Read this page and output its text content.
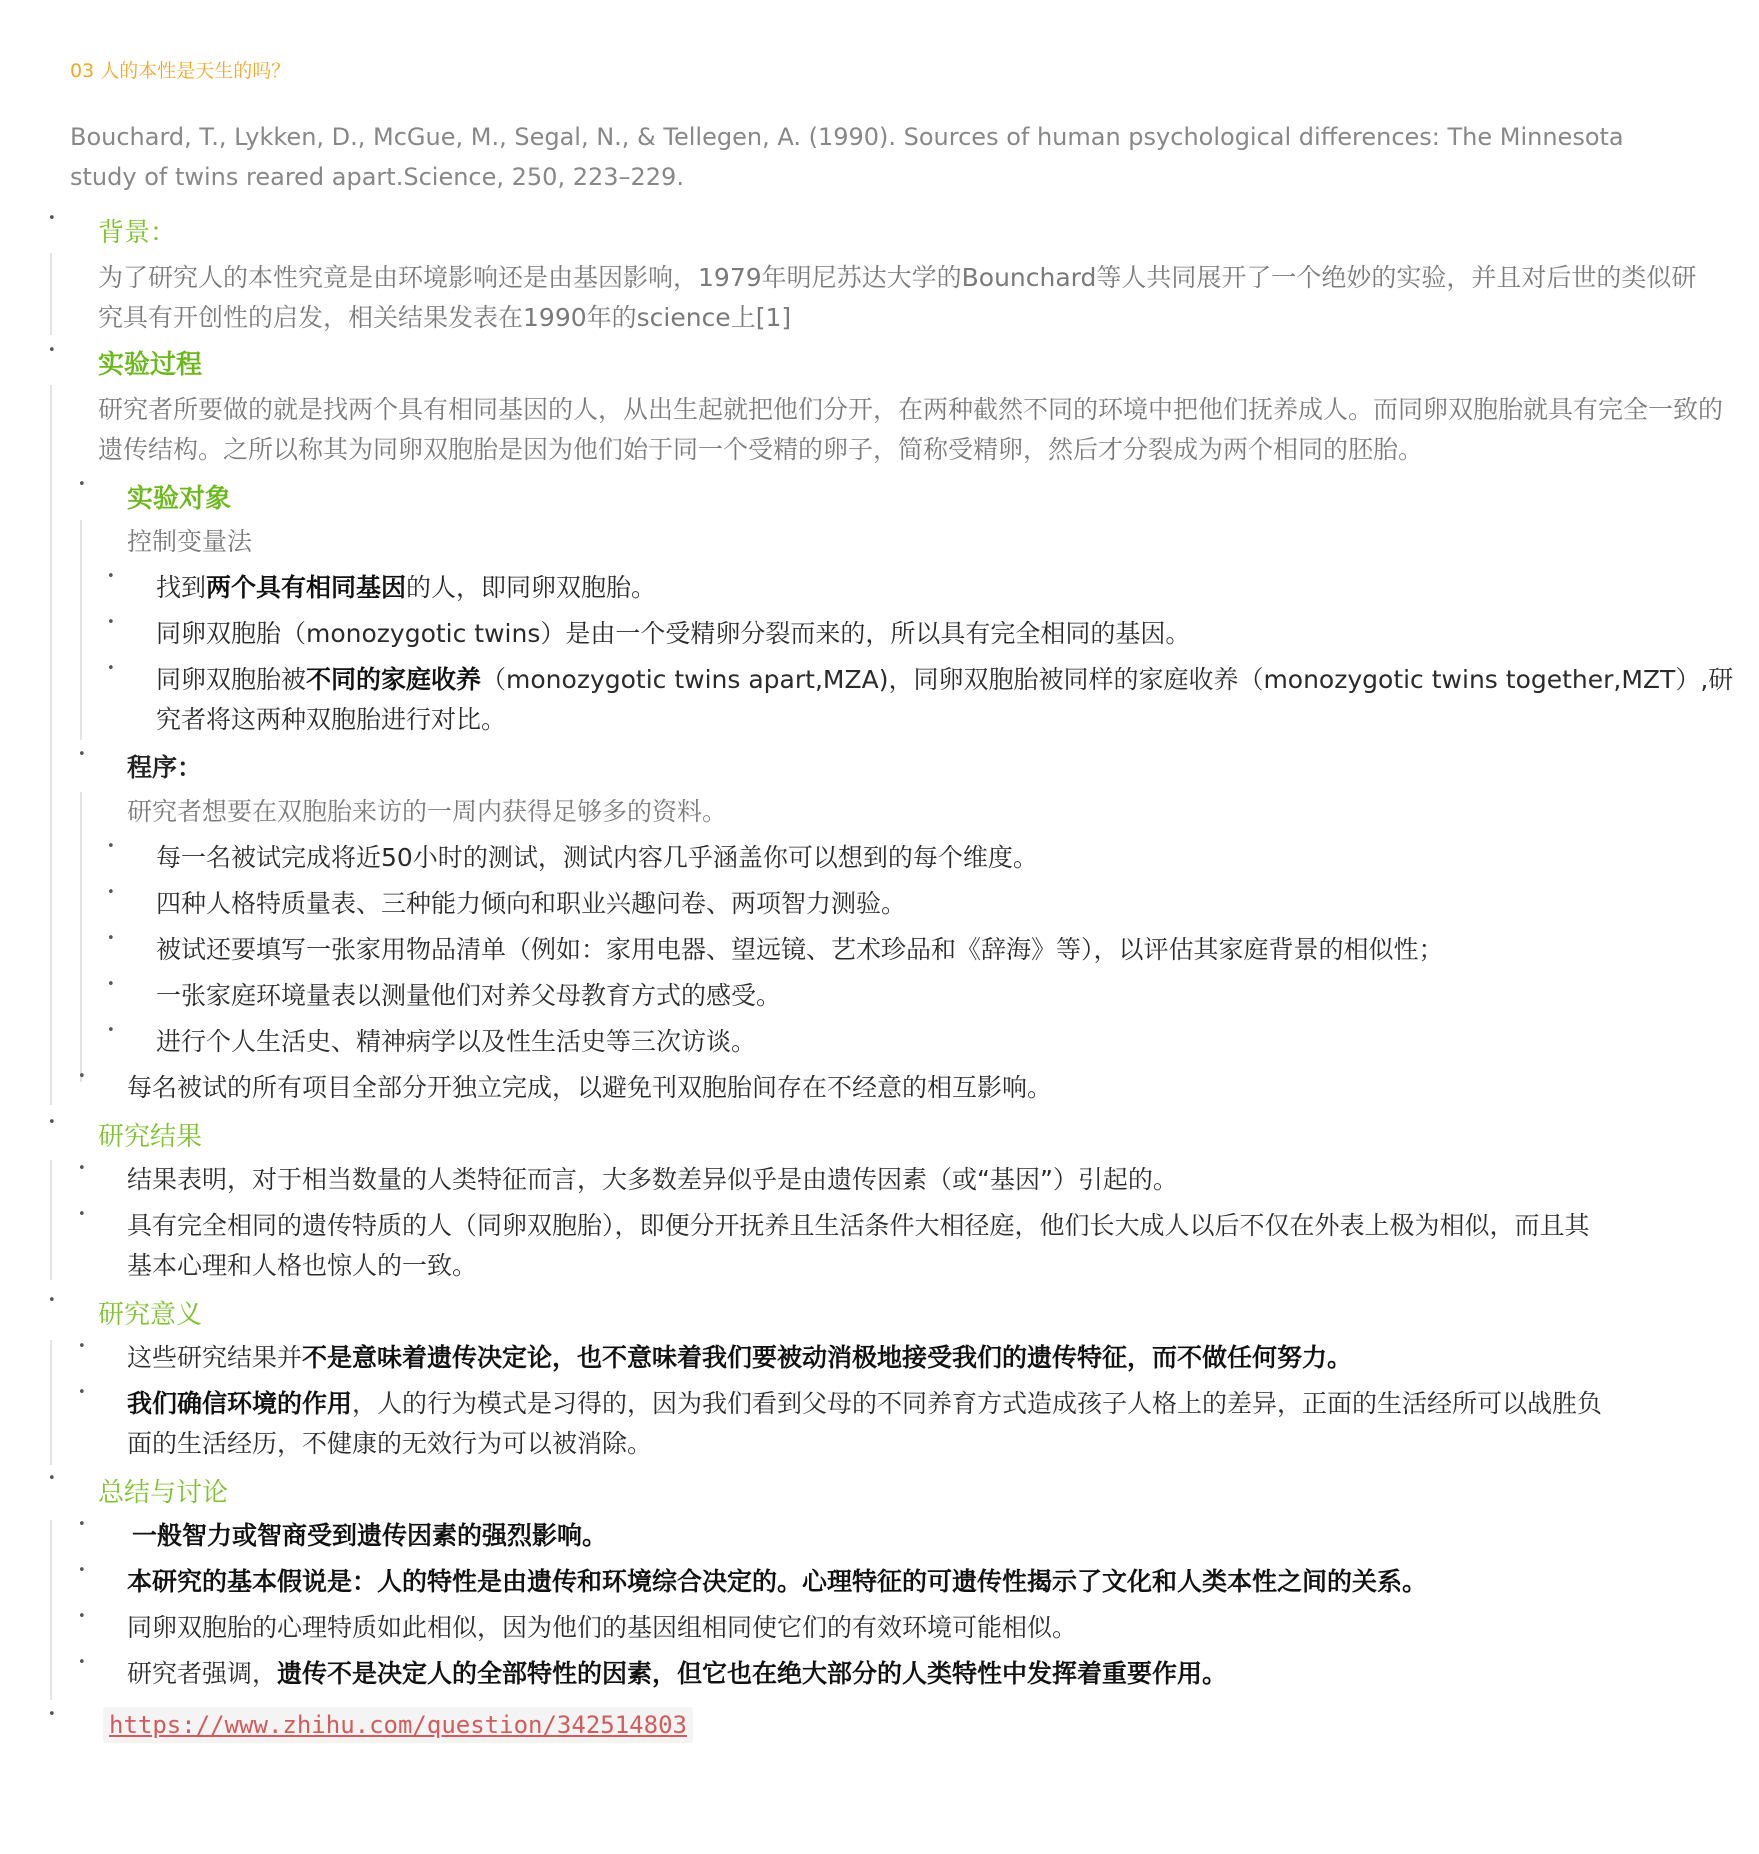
03 人的本性是天生的吗？
Bouchard, T., Lykken, D., McGue, M., Segal, N., & Tellegen, A. (1990). Sources of human psychological differences: The Minnesota study of twins reared apart.Science, 250, 223–229.
• 背景：
为了研究人的本性究竟是由环境影响还是由基因影响，1979年明尼苏达大学的Bounchard等人共同展开了一个绝妙的实验，并且对后世的类似研究具有开创性的启发，相关结果发表在1990年的science上[1]
• 实验过程
研究者所要做的就是找两个具有相同基因的人，从出生起就把他们分开，在两种截然不同的环境中把他们抚养成人。而同卵双胞胎就具有完全一致的遗传结构。之所以称其为同卵双胞胎是因为他们始于同一个受精的卵子，简称受精卵，然后才分裂成为两个相同的胚胎。
• 实验对象
控制变量法
• 找到 两个具有相同基因 的人，即同卵双胞胎。
• 同卵双胞胎（monozygotic twins）是由一个受精卵分裂而来的，所以具有完全相同的基因。
• 同卵双胞胎被 不同的家庭收养 （monozygotic twins apart,MZA)，同卵双胞胎被同样的家庭收养（monozygotic twins together,MZT）,研
究者将这两种双胞胎进行对比。
• 程序：
研究者想要在双胞胎来访的一周内获得足够多的资料。
• 每一名被试完成将近50小时的测试，测试内容几乎涵盖你可以想到的每个维度。
• 四种人格特质量表、三种能力倾向和职业兴趣问卷、两项智力测验。
• 被试还要填写一张家用物品清单（例如：家用电器、望远镜、艺术珍品和《辞海》等），以评估其家庭背景的相似性；
• 一张家庭环境量表以测量他们对养父母教育方式的感受。
• 进行个人生活史、精神病学以及性生活史等三次访谈。
• 每名被试的所有项目全部分开独立完成，以避免刊双胞胎间存在不经意的相互影响。
• 研究结果
• 结果表明，对于相当数量的人类特征而言，大多数差异似乎是由遗传因素（或“基因”）引起的。
• 具有完全相同的遗传特质的人（同卵双胞胎），即便分开抚养且生活条件大相径庭，他们长大成人以后不仅在外表上极为相似，而且其
基本心理和人格也惊人的一致。
• 研究意义
• 这些研究结果并 不是意味着遗传决定论，也不意味着我们要被动消极地接受我们的遗传特征，而不做任何努力。
• 我们确信环境的作用 ，人的行为模式是习得的，因为我们看到父母的不同养育方式造成孩子人格上的差异，正面的生活经所可以战胜负
面的生活经历，不健康的无效行为可以被消除。
• 总结与讨论
• 一般智力或智商受到遗传因素的强烈影响。
• 本研究的基本假说是：人的特性是由遗传和环境综合决定的。心理特征的可遗传性揭示了文化和人类本性之间的关系。
• 同卵双胞胎的心理特质如此相似，因为他们的基因组相同使它们的有效环境可能相似。
• 研究者强调， 遗传不是决定人的全部特性的因素，但它也在绝大部分的人类特性中发挥着重要作用。
• https://www.zhihu.com/question/342514803
